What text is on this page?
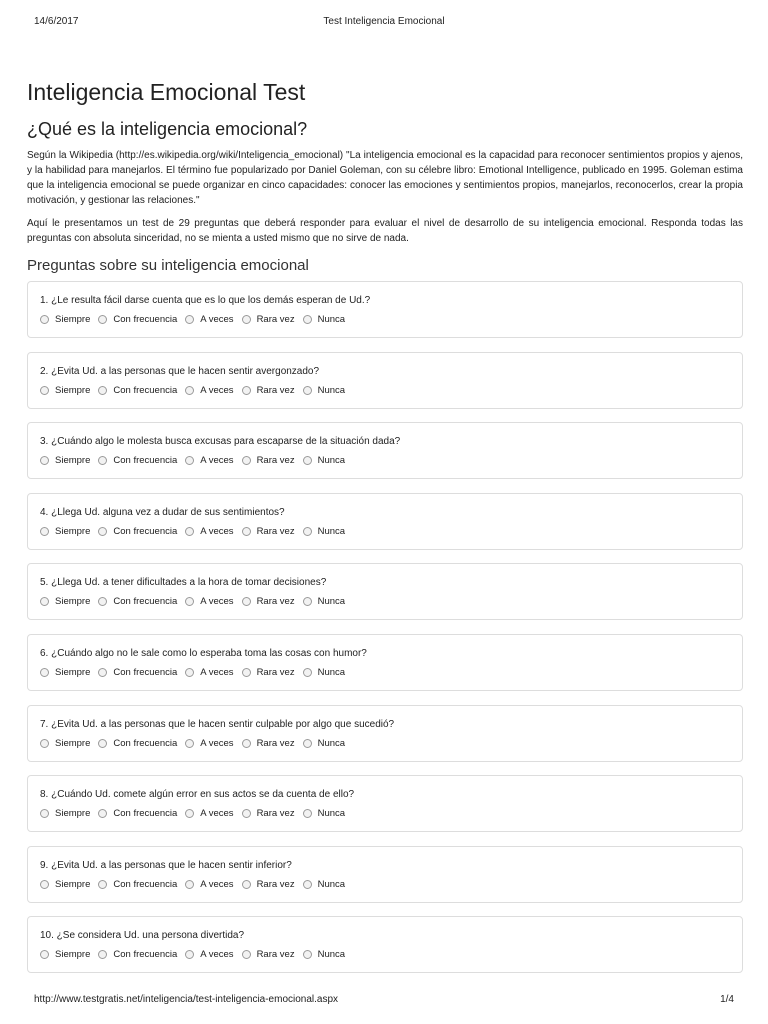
14/6/2017	Test Inteligencia Emocional
Inteligencia Emocional Test
¿Qué es la inteligencia emocional?

Según la Wikipedia (http://es.wikipedia.org/wiki/Inteligencia_emocional) "La inteligencia emocional es la capacidad para reconocer sentimientos propios y ajenos, y la habilidad para manejarlos. El término fue popularizado por Daniel Goleman, con su célebre libro: Emotional Intelligence, publicado en 1995. Goleman estima que la inteligencia emocional se puede organizar en cinco capacidades: conocer las emociones y sentimientos propios, manejarlos, reconocerlos, crear la propia motivación, y gestionar las relaciones."

Aquí le presentamos un test de 29 preguntas que deberá responder para evaluar el nivel de desarrollo de su inteligencia emocional. Responda todas las preguntas con absoluta sinceridad, no se mienta a usted mismo que no sirve de nada.

Preguntas sobre su inteligencia emocional
1. ¿Le resulta fácil darse cuenta que es lo que los demás esperan de Ud.?
Siempre Con frecuencia A veces Rara vez Nunca
2. ¿Evita Ud. a las personas que le hacen sentir avergonzado?
Siempre Con frecuencia A veces Rara vez Nunca
3. ¿Cuándo algo le molesta busca excusas para escaparse de la situación dada?
Siempre Con frecuencia A veces Rara vez Nunca
4. ¿Llega Ud. alguna vez a dudar de sus sentimientos?
Siempre Con frecuencia A veces Rara vez Nunca
5. ¿Llega Ud. a tener dificultades a la hora de tomar decisiones?
Siempre Con frecuencia A veces Rara vez Nunca
6. ¿Cuándo algo no le sale como lo esperaba toma las cosas con humor?
Siempre Con frecuencia A veces Rara vez Nunca
7. ¿Evita Ud. a las personas que le hacen sentir culpable por algo que sucedió?
Siempre Con frecuencia A veces Rara vez Nunca
8. ¿Cuándo Ud. comete algún error en sus actos se da cuenta de ello?
Siempre Con frecuencia A veces Rara vez Nunca
9. ¿Evita Ud. a las personas que le hacen sentir inferior?
Siempre Con frecuencia A veces Rara vez Nunca
10. ¿Se considera Ud. una persona divertida?
Siempre Con frecuencia A veces Rara vez Nunca
http://www.testgratis.net/inteligencia/test-inteligencia-emocional.aspx	1/4
